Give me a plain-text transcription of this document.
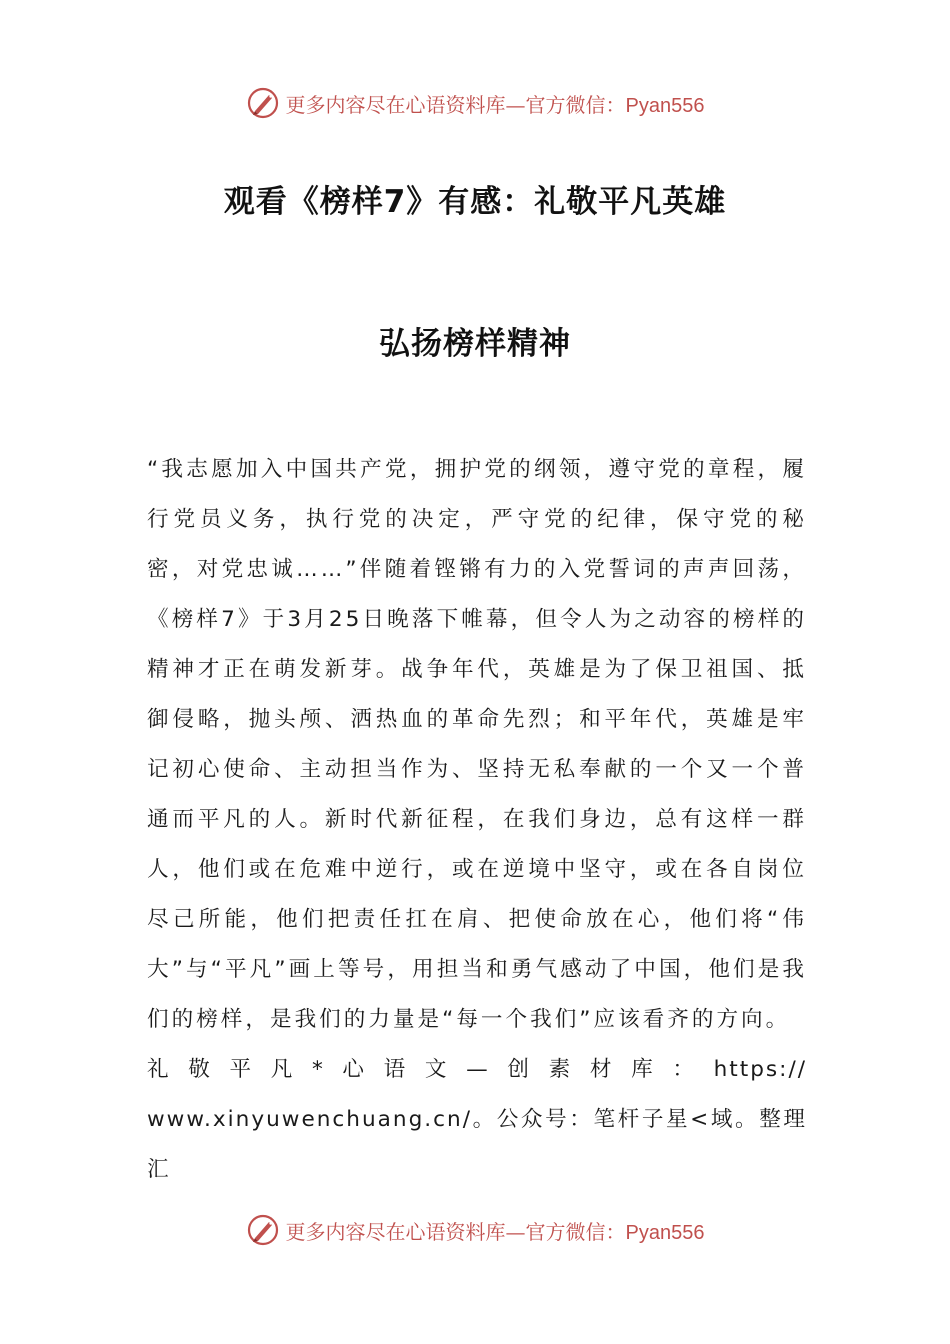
更多内容尽在心语资料库—官方微信：Pyan556
观看《榜样7》有感：礼敬平凡英雄
弘扬榜样精神

“我志愿加入中国共产党，拥护党的纲领，遵守党的章程，履行党员义务，执行党的决定，严守党的纪律，保守党的秘密，对党忠诚……”伴随着铿锵有力的入党誓词的声声回荡，《榜样7》于3月25日晚落下帷幕，但令人为之动容的榜样的精神才正在萌发新芽。战争年代，英雄是为了保卫祖国、抵御侵略，抛头颅、洒热血的革命先烈；和平年代，英雄是牢记初心使命、主动担当作为、坚持无私奉献的一个又一个普通而平凡的人。新时代新征程，在我们身边，总有这样一群人，他们或在危难中逆行，或在逆境中坚守，或在各自岗位尽己所能，他们把责任扛在肩、把使命放在心，他们将“伟大”与“平凡”画上等号，用担当和勇气感动了中国，他们是我们的榜样，是我们的力量是“每一个我们”应该看齐的方向。

礼敬平凡*心语文—创素材库：https://

www.xinyuwenchuang.cn/。公众号：笔杆子星<域。整理汇

更多内容尽在心语资料库—官方微信：Pyan556
